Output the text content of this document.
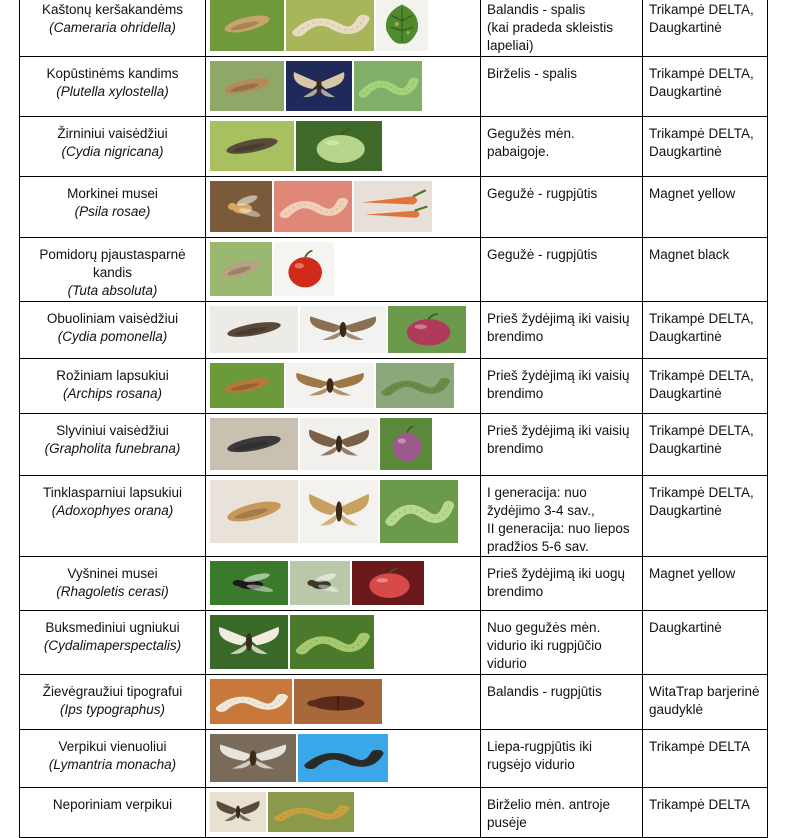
Kaštonų keršakandėms
(Cameraria ohridella)		Balandis - spalis
(kai pradeda skleistis lapeliai)	Trikampė DELTA, Daugkartinė

Kopūstinėms kandims
(Plutella xylostella)		Birželis - spalis	Trikampė DELTA, Daugkartinė

Žirniniui vaisėdžiui
(Cydia nigricana)		Gegužės mėn. pabaigoje.	Trikampė DELTA, Daugkartinė

Morkinei musei
(Psila rosae)		Gegužė - rugpjūtis	Magnet yellow

Pomidorų pjaustasparnė kandis
(Tuta absoluta)		Gegužė - rugpjūtis	Magnet black

Obuoliniam vaisėdžiui
(Cydia pomonella)		Prieš žydėjimą iki vaisių brendimo	Trikampė DELTA, Daugkartinė

Rožiniam lapsukiui
(Archips rosana)		Prieš žydėjimą iki vaisių brendimo	Trikampė DELTA, Daugkartinė

Slyviniui vaisėdžiui
(Grapholita funebrana)		Prieš žydėjimą iki vaisių brendimo	Trikampė DELTA, Daugkartinė

Tinklasparniui lapsukiui
(Adoxophyes orana)		I generacija: nuo žydėjimo 3-4 sav.,
II generacija: nuo liepos pradžios 5-6 sav.	Trikampė DELTA, Daugkartinė

Vyšninei musei
(Rhagoletis cerasi)		Prieš žydėjimą iki uogų brendimo	Magnet yellow

Buksmediniui ugniukui
(Cydalimaperspectalis)		Nuo gegužės mėn. vidurio iki rugpjūčio vidurio	Daugkartinė

Žievėgraužiui tipografui
(Ips typographus)		Balandis - rugpjūtis	WitaTrap barjerinė gaudyklė

Verpikui vienuoliui
(Lymantria monacha)		Liepa-rugpjūtis iki rugsėjo vidurio	Trikampė DELTA

Neporiniam verpikui		Birželio mėn. antroje pusėje	Trikampė DELTA
